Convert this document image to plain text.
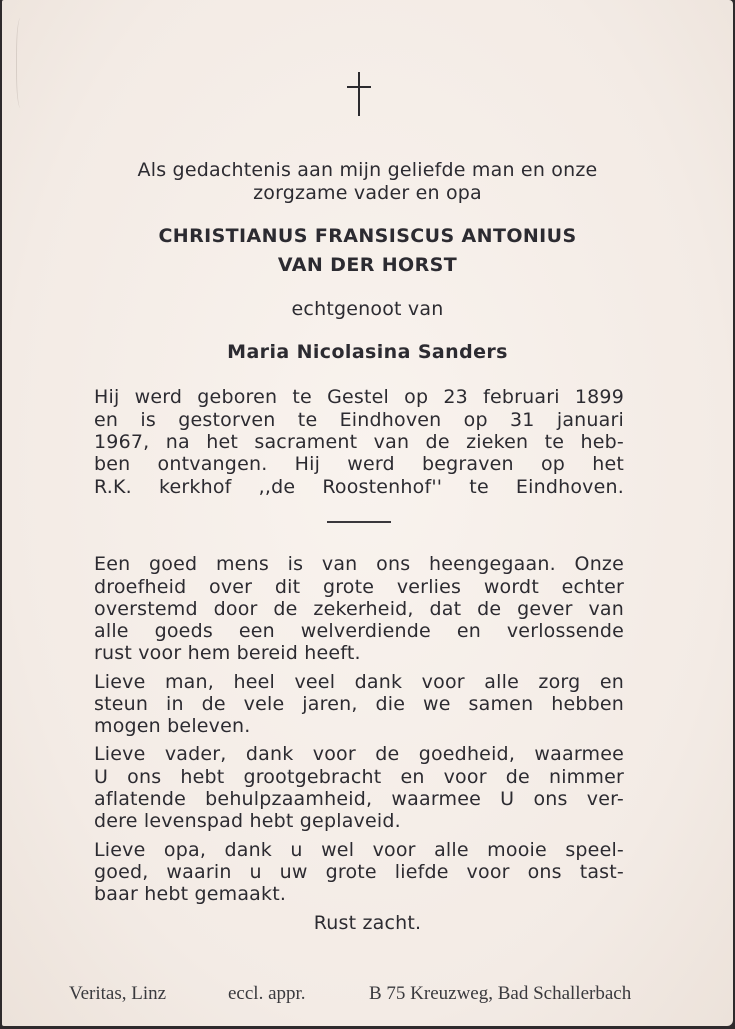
Als gedachtenis aan mijn geliefde man en onze
zorgzame vader en opa
CHRISTIANUS FRANSISCUS ANTONIUS
VAN DER HORST
echtgenoot van
Maria Nicolasina Sanders
Hij werd geboren te Gestel op 23 februari 1899
en is gestorven te Eindhoven op 31 januari
1967, na het sacrament van de zieken te heb-
ben ontvangen. Hij werd begraven op het
R.K. kerkhof ,,de Roostenhof'' te Eindhoven.
Een goed mens is van ons heengegaan. Onze
droefheid over dit grote verlies wordt echter
overstemd door de zekerheid, dat de gever van
alle goeds een welverdiende en verlossende
rust voor hem bereid heeft.
Lieve man, heel veel dank voor alle zorg en
steun in de vele jaren, die we samen hebben
mogen beleven.
Lieve vader, dank voor de goedheid, waarmee
U ons hebt grootgebracht en voor de nimmer
aflatende behulpzaamheid, waarmee U ons ver-
dere levenspad hebt geplaveid.
Lieve opa, dank u wel voor alle mooie speel-
goed, waarin u uw grote liefde voor ons tast-
baar hebt gemaakt.
Rust zacht.
Veritas, Linz	eccl. appr.	B 75 Kreuzweg, Bad Schallerbach
